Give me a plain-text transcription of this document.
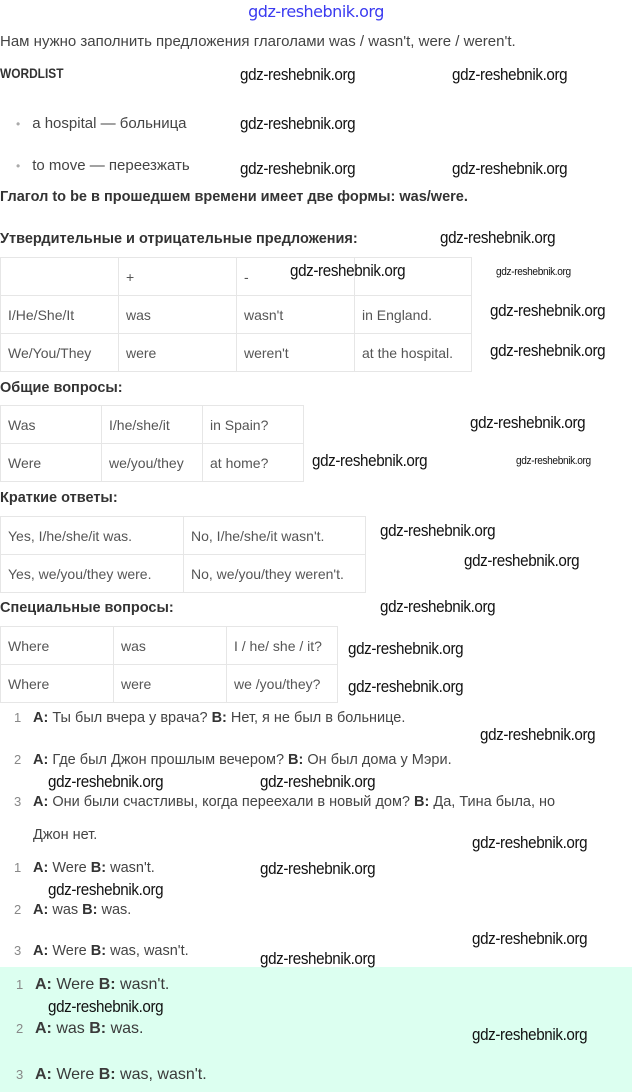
gdz-reshebnik.org
Нам нужно заполнить предложения глаголами was / wasn't, were / weren't.
WORDLIST
• a hospital — больница
• to move — переезжать
Глагол to be в прошедшем времени имеет две формы: was/were.
Утвердительные и отрицательные предложения:
	+	-	
I/He/She/It	was	wasn't	in England.
We/You/They	were	weren't	at the hospital.
Общие вопросы:
Was	I/he/she/it	in Spain?
Were	we/you/they	at home?
Краткие ответы:
Yes, I/he/she/it was.	No, I/he/she/it wasn't.
Yes, we/you/they were.	No, we/you/they weren't.
Специальные вопросы:
Where	was	I / he/ she / it?
Where	were	we /you/they?
1 A: Ты был вчера у врача? B: Нет, я не был в больнице.
2 A: Где был Джон прошлым вечером? B: Он был дома у Мэри.
3 A: Они были счастливы, когда переехали в новый дом? B: Да, Тина была, но
Джон нет.
1 A: Were B: wasn't.
2 A: was B: was.
3 A: Were B: was, wasn't.
1 A: Were B: wasn't.
2 A: was B: was.
3 A: Were B: was, wasn't.
gdz-reshebnik.org	gdz-reshebnik.org
gdz-reshebnik.org
gdz-reshebnik.org	gdz-reshebnik.org
gdz-reshebnik.org
gdz-reshebnik.org	gdz-reshebnik.org
gdz-reshebnik.org
gdz-reshebnik.org
gdz-reshebnik.org
gdz-reshebnik.org	gdz-reshebnik.org
gdz-reshebnik.org
gdz-reshebnik.org
gdz-reshebnik.org
gdz-reshebnik.org
gdz-reshebnik.org
gdz-reshebnik.org
gdz-reshebnik.org	gdz-reshebnik.org
gdz-reshebnik.org
gdz-reshebnik.org
gdz-reshebnik.org
gdz-reshebnik.org
gdz-reshebnik.org
gdz-reshebnik.org
gdz-reshebnik.org
